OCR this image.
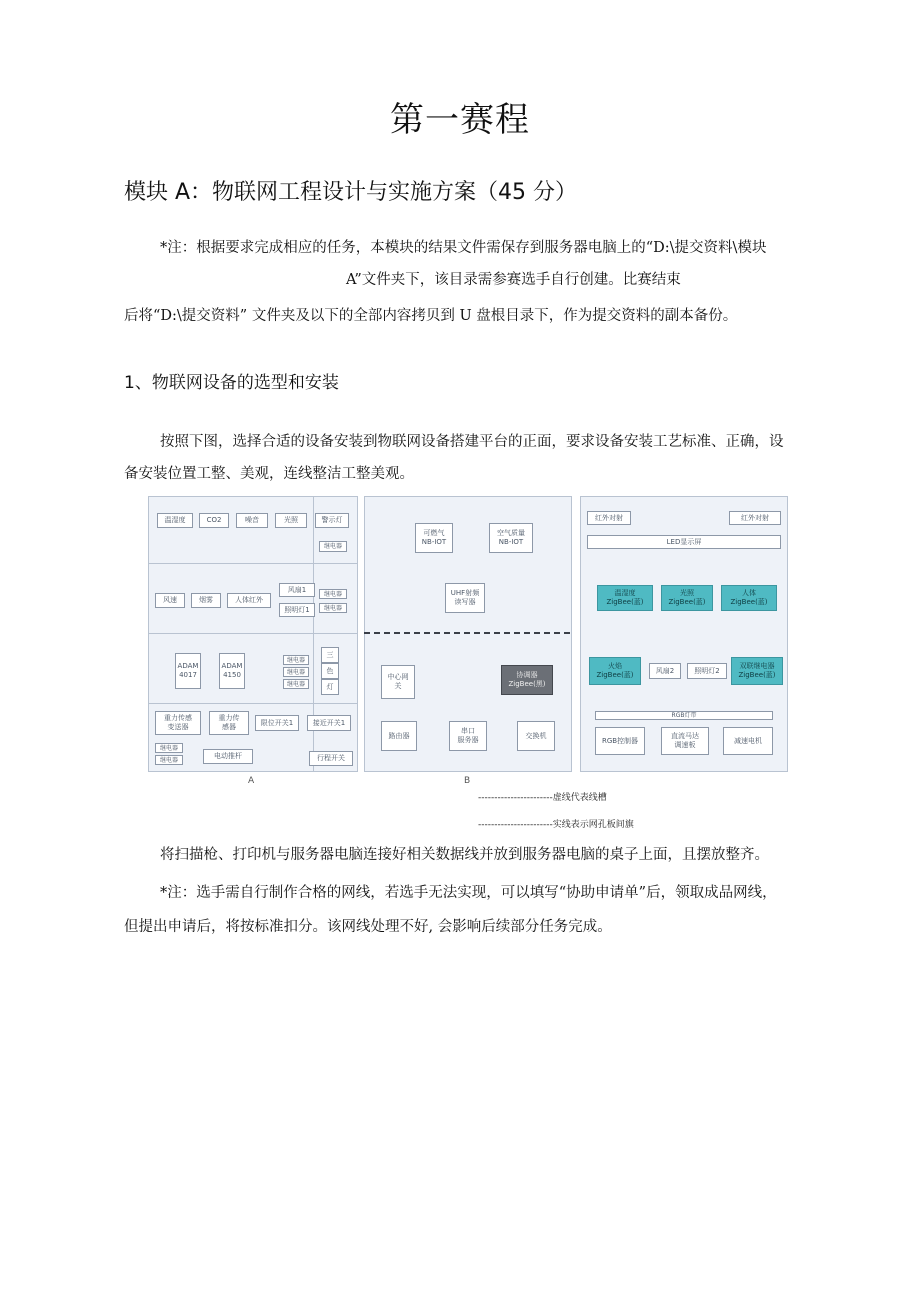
第一赛程
模块 A：物联网工程设计与实施方案（45 分）
*注：根据要求完成相应的任务，本模块的结果文件需保存到服务器电脑上的“D:\提交资料\模块
A”文件夹下，该目录需参赛选手自行创建。比赛结束
后将“D:\提交资料” 文件夹及以下的全部内容拷贝到 U 盘根目录下，作为提交资料的副本备份。
1、物联网设备的选型和安装
按照下图，选择合适的设备安装到物联网设备搭建平台的正面，要求设备安装工艺标准、正确，设
备安装位置工整、美观，连线整洁工整美观。
温湿度	CO2	噪音	光照	警示灯
继电器
风速	烟雾	人体红外
风扇1
照明灯1
继电器
继电器
ADAM
4017
ADAM
4150
继电器
继电器
继电器
三
色
灯
重力传感
变送器
重力传
感器
限位开关1	接近开关1
继电器
继电器	电动推杆	行程开关
A
可燃气
NB-IOT
空气质量
NB-IOT
UHF射频
读写器
中心网
关
协调器
ZigBee(黑)
路由器
串口
服务器
交换机
B
红外对射	红外对射
LED显示屏
温湿度
ZigBee(蓝)
光照
ZigBee(蓝)
人体
ZigBee(蓝)
火焰
ZigBee(蓝)
风扇2	照明灯2
双联继电器
ZigBee(蓝)
RGB灯带
RGB控制器
直流马达
调速板
减速电机
-----------------------虚线代表线槽
-----------------------实线表示网孔板间旗
将扫描枪、打印机与服务器电脑连接好相关数据线并放到服务器电脑的桌子上面，且摆放整齐。
*注：选手需自行制作合格的网线，若选手无法实现，可以填写“协助申请单”后，领取成品网线，
但提出申请后，将按标准扣分。该网线处理不好, 会影响后续部分任务完成。
